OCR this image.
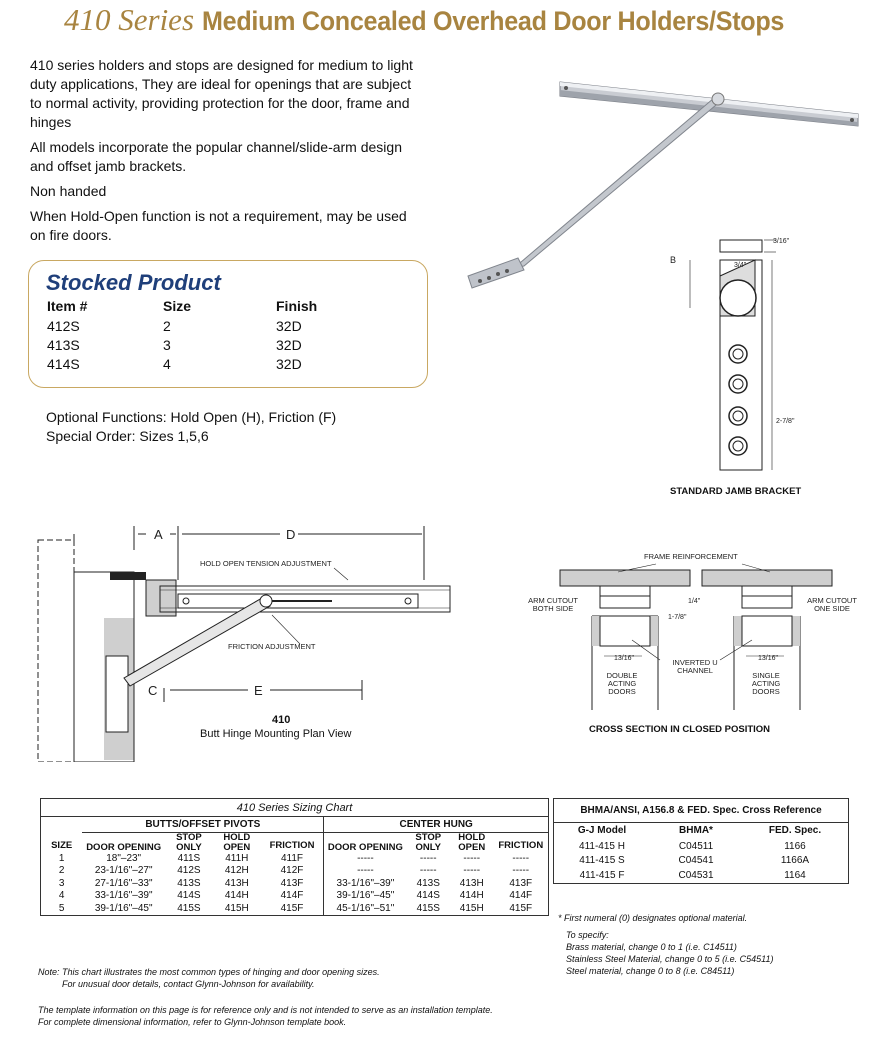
410 Series Medium Concealed Overhead Door Holders/Stops

410 series holders and stops are designed for medium to light duty applications, They are ideal for openings that are subject to normal activity, providing protection for the door, frame and hinges

All models incorporate the popular channel/slide-arm design and offset jamb brackets.

Non handed

When Hold-Open function is not a requirement, may be used on fire doors.

Stocked Product
Item #	Size	Finish
412S	2	32D
413S	3	32D
414S	4	32D
Optional Functions: Hold Open (H), Friction (F)
Special Order: Sizes 1,5,6
B
3/16"
3/4"
2-7/8"
STANDARD JAMB BRACKET
A	D
C	E
HOLD OPEN TENSION ADJUSTMENT
FRICTION ADJUSTMENT
410
Butt Hinge Mounting Plan View
FRAME REINFORCEMENT
ARM CUTOUT BOTH SIDE
ARM CUTOUT ONE SIDE
1/4"
1-7/8"
13/16"	13/16"
INVERTED U CHANNEL
DOUBLE ACTING DOORS
SINGLE ACTING DOORS
CROSS SECTION IN CLOSED POSITION
410 Series Sizing Chart
	BUTTS/OFFSET PIVOTS				CENTER HUNG			
SIZE	DOOR OPENING	STOP ONLY	HOLD OPEN	FRICTION	DOOR OPENING	STOP ONLY	HOLD OPEN	FRICTION
1	18"–23"	411S	411H	411F	-----	-----	-----	-----
2	23-1/16"–27"	412S	412H	412F	-----	-----	-----	-----
3	27-1/16"–33"	413S	413H	413F	33-1/16"–39"	413S	413H	413F
4	33-1/16"–39"	414S	414H	414F	39-1/16"–45"	414S	414H	414F
5	39-1/16"–45"	415S	415H	415F	45-1/16"–51"	415S	415H	415F
BHMA/ANSI, A156.8 & FED. Spec. Cross Reference
G-J Model	BHMA*	FED. Spec.
411-415 H	C04511	1166
411-415 S	C04541	1166A
411-415 F	C04531	1164
Note: This chart illustrates the most common types of hinging and door opening sizes.
For unusual door details, contact Glynn-Johnson for availability.
The template information on this page is for reference only and is not intended to serve as an installation template.
For complete dimensional information, refer to Glynn-Johnson template book.
* First numeral (0) designates optional material.
To specify:
Brass material, change 0 to 1 (i.e. C14511)
Stainless Steel Material, change 0 to 5 (i.e. C54511)
Steel material, change 0 to 8 (i.e. C84511)
